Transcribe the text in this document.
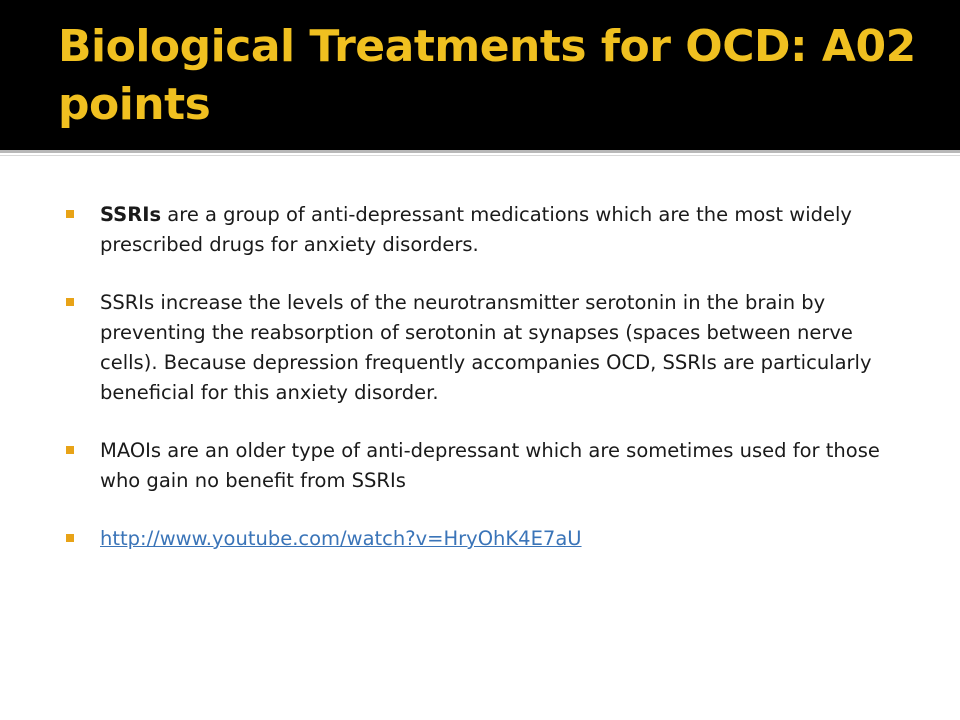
Biological Treatments for OCD: A02 points
SSRIs are a group of anti-depressant medications which are the most widely prescribed drugs for anxiety disorders.
SSRIs increase the levels of the neurotransmitter serotonin in the brain by preventing the reabsorption of serotonin at synapses (spaces between nerve cells). Because depression frequently accompanies OCD, SSRIs are particularly beneficial for this anxiety disorder.
MAOIs are an older type of anti-depressant which are sometimes used for those who gain no benefit from SSRIs
http://www.youtube.com/watch?v=HryOhK4E7aU
